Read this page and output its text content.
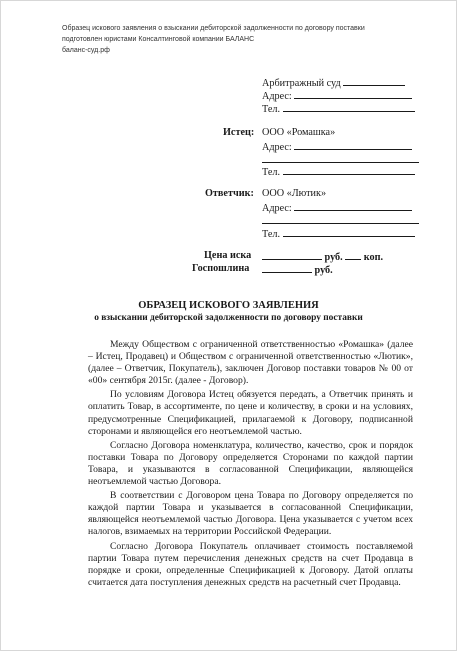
Образец искового заявления о взыскании дебиторской задолженности по договору поставки
подготовлен юристами Консалтинговой компании БАЛАНС
баланс-суд.рф
Арбитражный суд
Адрес:
Тел.
Истец: ООО «Ромашка»
Адрес:
Тел.
Ответчик: ООО «Лютик»
Адрес:
Тел.
Цена иска	руб. коп.
Госпошлина	руб.
ОБРАЗЕЦ ИСКОВОГО ЗАЯВЛЕНИЯ
о взыскании дебиторской задолженности по договору поставки

Между Обществом с ограниченной ответственностью «Ромашка» (далее – Истец, Продавец) и Обществом с ограниченной ответственностью «Лютик», (далее – Ответчик, Покупатель), заключен Договор поставки товаров № 00 от «00» сентября 2015г. (далее - Договор).

По условиям Договора Истец обязуется передать, а Ответчик принять и оплатить Товар, в ассортименте, по цене и количеству, в сроки и на условиях, предусмотренные Спецификацией, прилагаемой к Договору, подписанной сторонами и являющейся его неотъемлемой частью.

Согласно Договора номенклатура, количество, качество, срок и порядок поставки Товара по Договору определяется Сторонами по каждой партии Товара, и указываются в согласованной Спецификации, являющейся неотъемлемой частью Договора.

В соответствии с Договором цена Товара по Договору определяется по каждой партии Товара и указывается в согласованной Спецификации, являющейся неотъемлемой частью Договора. Цена указывается с учетом всех налогов, взимаемых на территории Российской Федерации.

Согласно Договора Покупатель оплачивает стоимость поставляемой партии Товара путем перечисления денежных средств на счет Продавца в порядке и сроки, определенные Спецификацией к Договору. Датой оплаты считается дата поступления денежных средств на расчетный счет Продавца.
